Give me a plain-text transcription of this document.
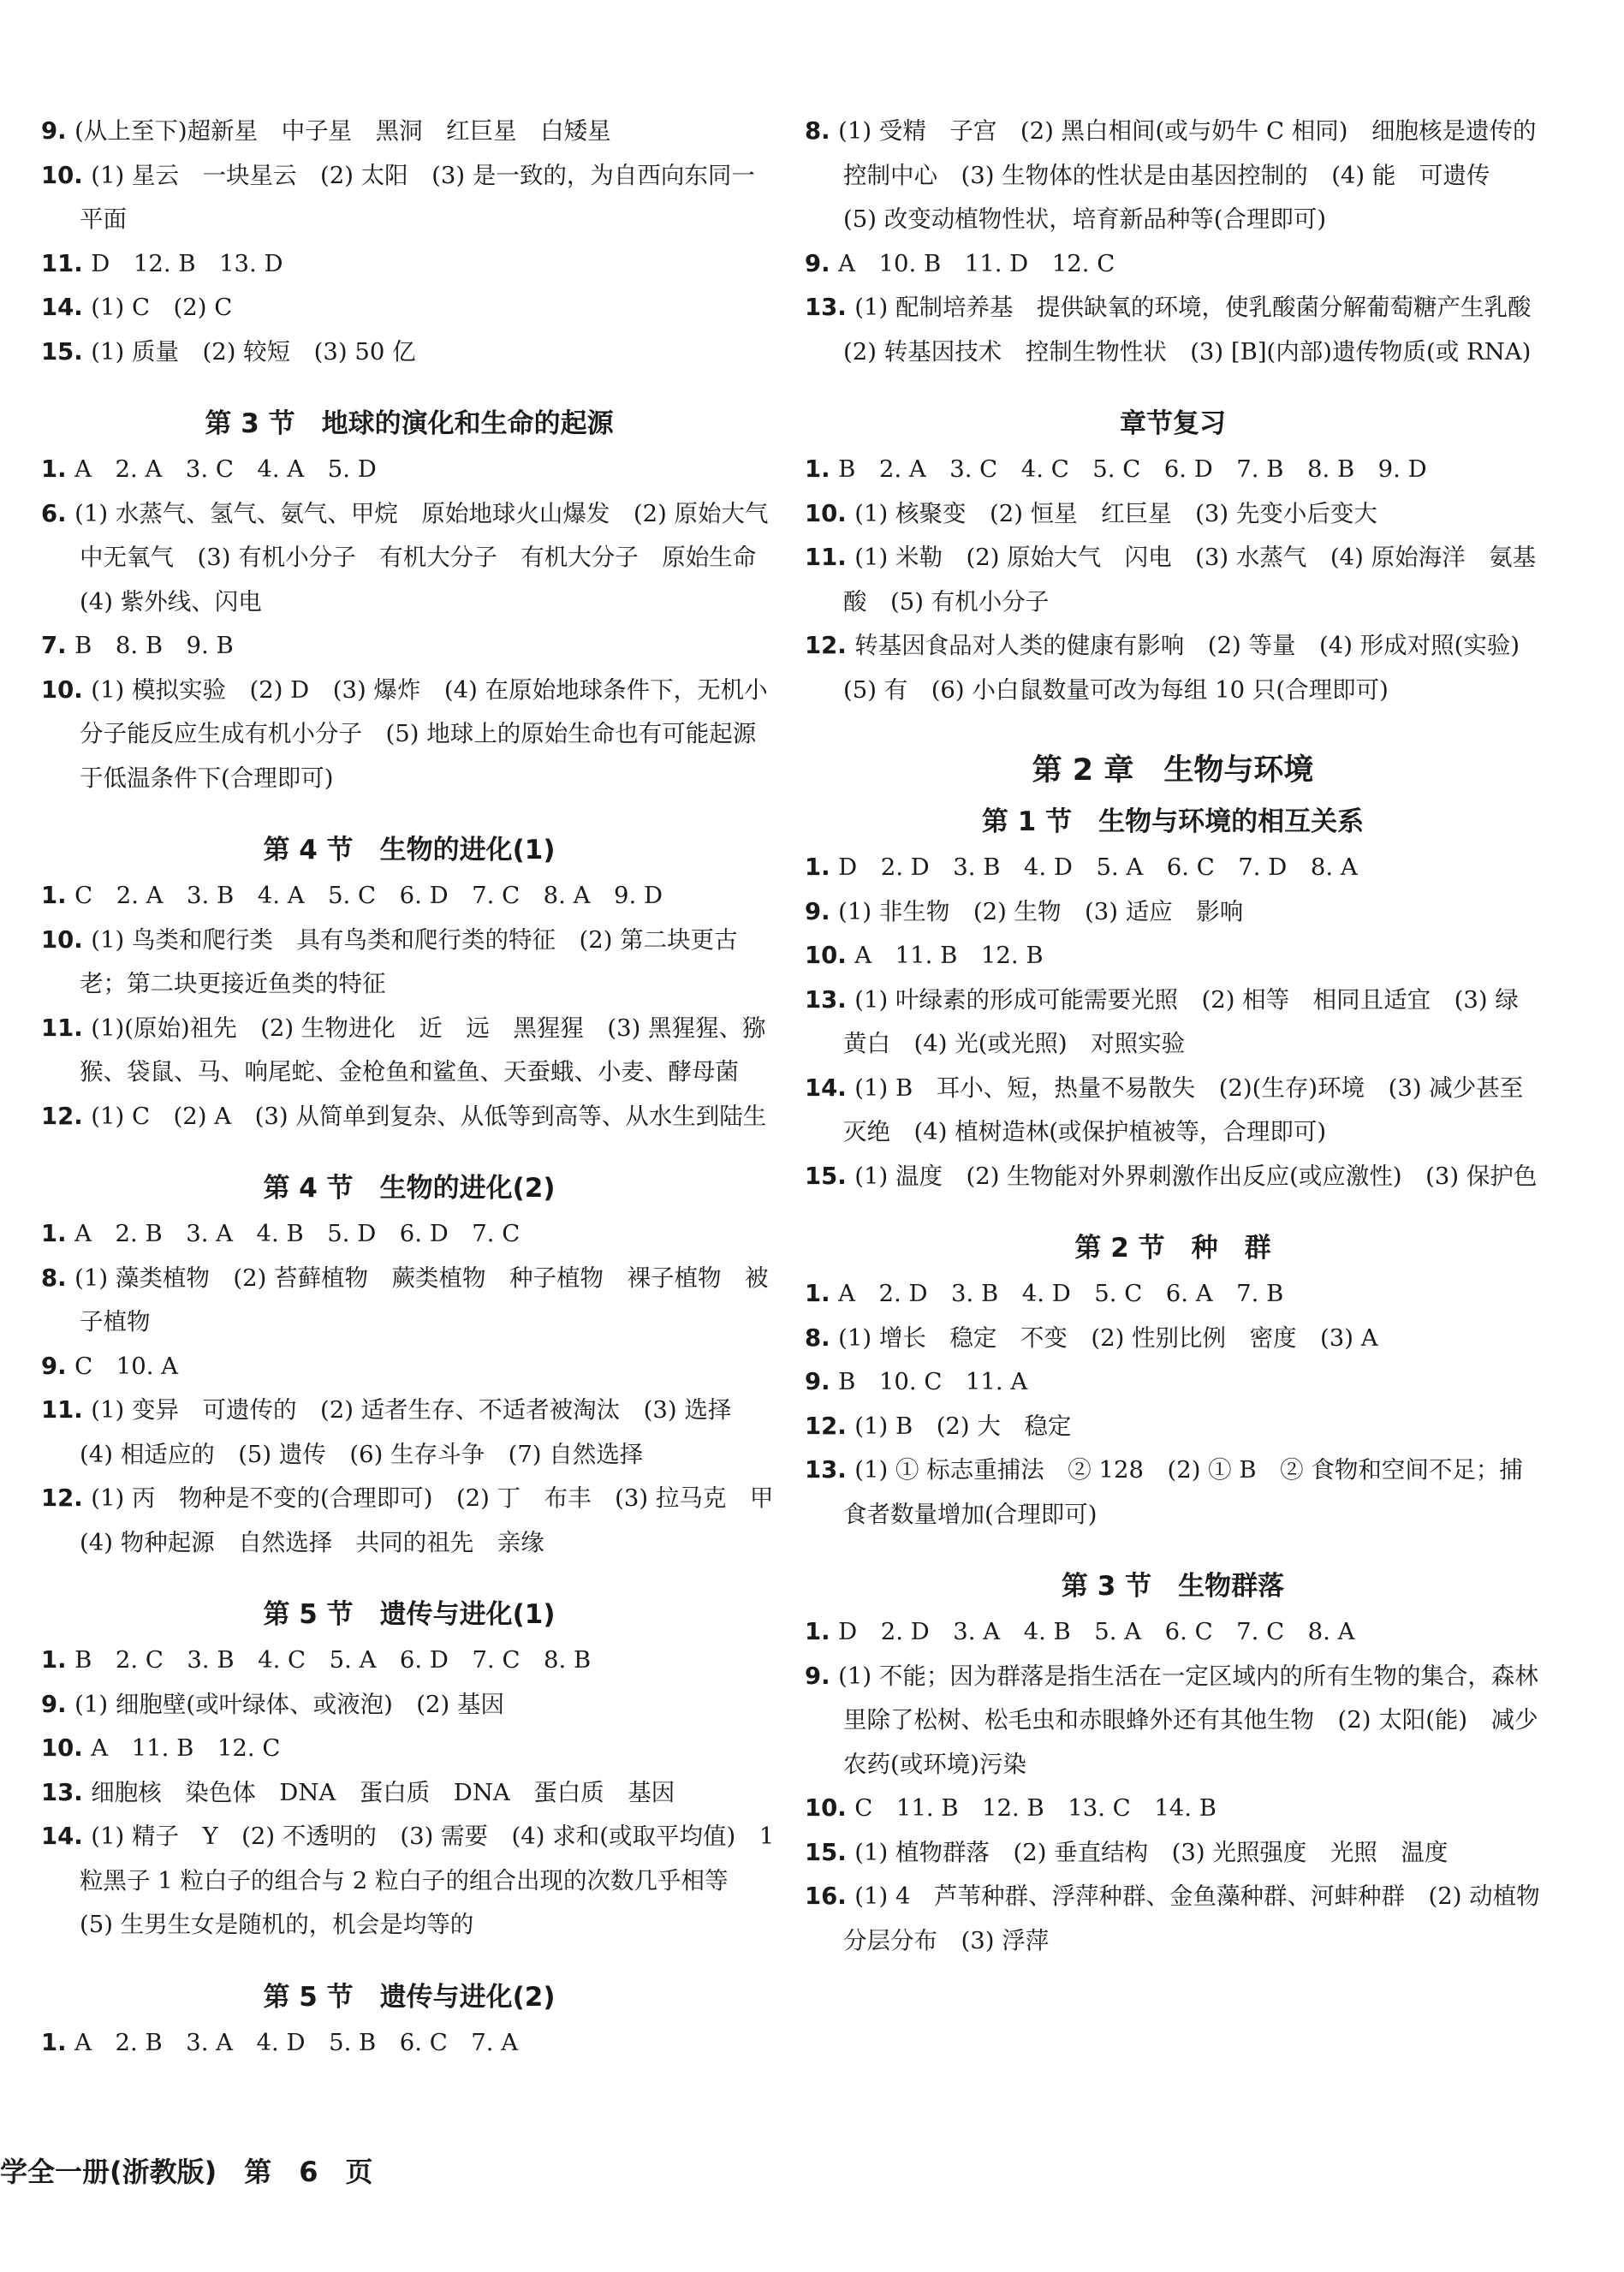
9. (从上至下)超新星　中子星　黑洞　红巨星　白矮星

10. (1) 星云　一块星云　(2) 太阳　(3) 是一致的，为自西向东同一平面

11. D　12. B　13. D

14. (1) C　(2) C

15. (1) 质量　(2) 较短　(3) 50 亿

第 3 节　地球的演化和生命的起源

1. A　2. A　3. C　4. A　5. D

6. (1) 水蒸气、氢气、氨气、甲烷　原始地球火山爆发　(2) 原始大气中无氧气　(3) 有机小分子　有机大分子　有机大分子　原始生命　(4) 紫外线、闪电

7. B　8. B　9. B

10. (1) 模拟实验　(2) D　(3) 爆炸　(4) 在原始地球条件下，无机小分子能反应生成有机小分子　(5) 地球上的原始生命也有可能起源于低温条件下(合理即可)

第 4 节　生物的进化(1)

1. C　2. A　3. B　4. A　5. C　6. D　7. C　8. A　9. D

10. (1) 鸟类和爬行类　具有鸟类和爬行类的特征　(2) 第二块更古老；第二块更接近鱼类的特征

11. (1)(原始)祖先　(2) 生物进化　近　远　黑猩猩　(3) 黑猩猩、猕猴、袋鼠、马、响尾蛇、金枪鱼和鲨鱼、天蚕蛾、小麦、酵母菌

12. (1) C　(2) A　(3) 从简单到复杂、从低等到高等、从水生到陆生

第 4 节　生物的进化(2)

1. A　2. B　3. A　4. B　5. D　6. D　7. C

8. (1) 藻类植物　(2) 苔藓植物　蕨类植物　种子植物　裸子植物　被子植物

9. C　10. A

11. (1) 变异　可遗传的　(2) 适者生存、不适者被淘汰　(3) 选择　(4) 相适应的　(5) 遗传　(6) 生存斗争　(7) 自然选择

12. (1) 丙　物种是不变的(合理即可)　(2) 丁　布丰　(3) 拉马克　甲　(4) 物种起源　自然选择　共同的祖先　亲缘

第 5 节　遗传与进化(1)

1. B　2. C　3. B　4. C　5. A　6. D　7. C　8. B

9. (1) 细胞壁(或叶绿体、或液泡)　(2) 基因

10. A　11. B　12. C

13. 细胞核　染色体　DNA　蛋白质　DNA　蛋白质　基因

14. (1) 精子　Y　(2) 不透明的　(3) 需要　(4) 求和(或取平均值)　1 粒黑子 1 粒白子的组合与 2 粒白子的组合出现的次数几乎相等　(5) 生男生女是随机的，机会是均等的

第 5 节　遗传与进化(2)

1. A　2. B　3. A　4. D　5. B　6. C　7. A

8. (1) 受精　子宫　(2) 黑白相间(或与奶牛 C 相同)　细胞核是遗传的控制中心　(3) 生物体的性状是由基因控制的　(4) 能　可遗传　(5) 改变动植物性状，培育新品种等(合理即可)

9. A　10. B　11. D　12. C

13. (1) 配制培养基　提供缺氧的环境，使乳酸菌分解葡萄糖产生乳酸　(2) 转基因技术　控制生物性状　(3) [B](内部)遗传物质(或 RNA)

章节复习

1. B　2. A　3. C　4. C　5. C　6. D　7. B　8. B　9. D

10. (1) 核聚变　(2) 恒星　红巨星　(3) 先变小后变大

11. (1) 米勒　(2) 原始大气　闪电　(3) 水蒸气　(4) 原始海洋　氨基酸　(5) 有机小分子

12. 转基因食品对人类的健康有影响　(2) 等量　(4) 形成对照(实验)　(5) 有　(6) 小白鼠数量可改为每组 10 只(合理即可)

第 2 章　生物与环境
第 1 节　生物与环境的相互关系

1. D　2. D　3. B　4. D　5. A　6. C　7. D　8. A

9. (1) 非生物　(2) 生物　(3) 适应　影响

10. A　11. B　12. B

13. (1) 叶绿素的形成可能需要光照　(2) 相等　相同且适宜　(3) 绿　黄白　(4) 光(或光照)　对照实验

14. (1) B　耳小、短，热量不易散失　(2)(生存)环境　(3) 减少甚至灭绝　(4) 植树造林(或保护植被等，合理即可)

15. (1) 温度　(2) 生物能对外界刺激作出反应(或应激性)　(3) 保护色

第 2 节　种　群

1. A　2. D　3. B　4. D　5. C　6. A　7. B

8. (1) 增长　稳定　不变　(2) 性别比例　密度　(3) A

9. B　10. C　11. A

12. (1) B　(2) 大　稳定

13. (1) ① 标志重捕法　② 128　(2) ① B　② 食物和空间不足；捕食者数量增加(合理即可)

第 3 节　生物群落

1. D　2. D　3. A　4. B　5. A　6. C　7. C　8. A

9. (1) 不能；因为群落是指生活在一定区域内的所有生物的集合，森林里除了松树、松毛虫和赤眼蜂外还有其他生物　(2) 太阳(能)　减少农药(或环境)污染

10. C　11. B　12. B　13. C　14. B

15. (1) 植物群落　(2) 垂直结构　(3) 光照强度　光照　温度

16. (1) 4　芦苇种群、浮萍种群、金鱼藻种群、河蚌种群　(2) 动植物分层分布　(3) 浮萍

学全一册(浙教版)　第　6　页
